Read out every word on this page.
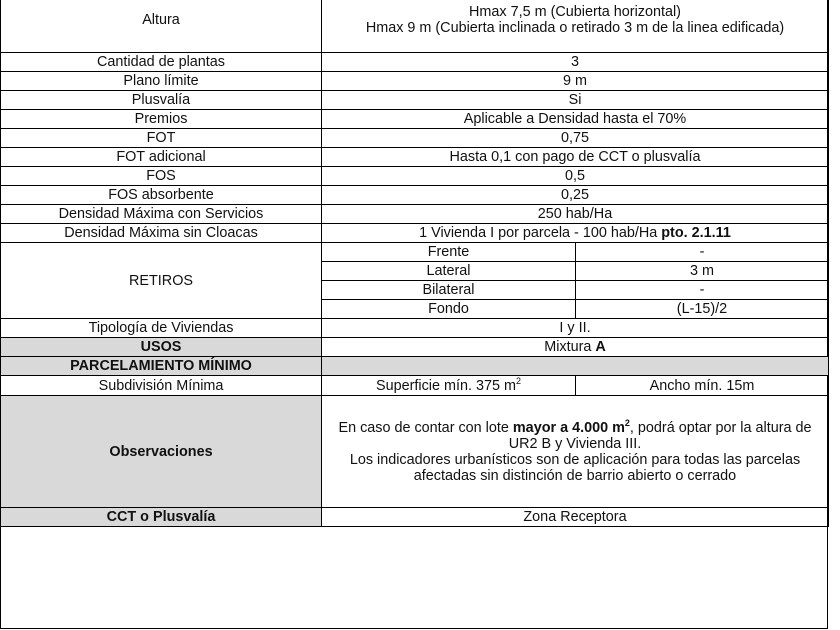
Altura	Hmax 7,5 m (Cubierta horizontal)
Hmax 9 m (Cubierta inclinada o retirado 3 m de la linea edificada)	

Cantidad de plantas	3	
Plano límite	9 m	
Plusvalía	Si	
Premios	Aplicable a Densidad hasta el 70%	
FOT	0,75	
FOT adicional	Hasta 0,1 con pago de CCT o plusvalía	
FOS	0,5	
FOS absorbente	0,25	
Densidad Máxima con Servicios	250 hab/Ha	
Densidad Máxima sin Cloacas	1 Vivienda I por parcela - 100 hab/Ha pto. 2.1.11	
RETIROS	Frente	-
	Lateral	3 m
	Bilateral	-
	Fondo	(L-15)/2
Tipología de Viviendas	I y II.	
USOS	Mixtura A	
PARCELAMIENTO MÍNIMO		
Subdivisión Mínima	Superficie mín. 375 $m^2$	Ancho mín. 15m
Observaciones	En caso de contar con lote mayor a 4.000 $m^2$, podrá optar por la altura de UR2 B y Vivienda III.
Los indicadores urbanísticos son de aplicación para todas las parcelas afectadas sin distinción de barrio abierto o cerrado	

CCT o Plusvalía	Zona Receptora	
